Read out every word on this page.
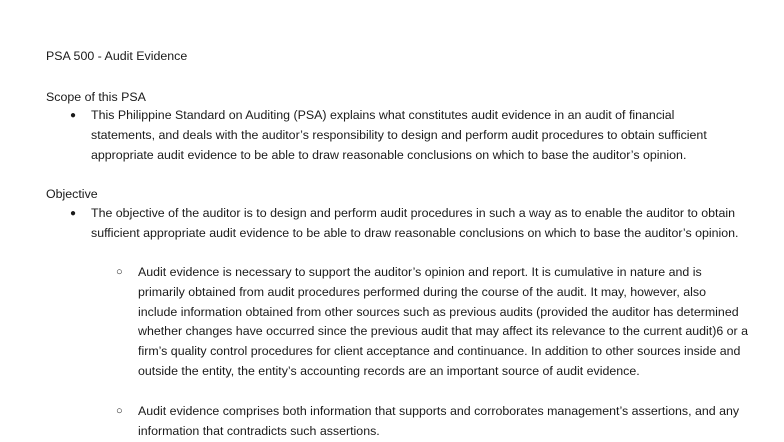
PSA 500 - Audit Evidence
Scope of this PSA
● This Philippine Standard on Auditing (PSA) explains what constitutes audit evidence in an audit of financial statements, and deals with the auditor’s responsibility to design and perform audit procedures to obtain sufficient appropriate audit evidence to be able to draw reasonable conclusions on which to base the auditor’s opinion.
Objective
● The objective of the auditor is to design and perform audit procedures in such a way as to enable the auditor to obtain sufficient appropriate audit evidence to be able to draw reasonable conclusions on which to base the auditor’s opinion.
○ Audit evidence is necessary to support the auditor’s opinion and report. It is cumulative in nature and is primarily obtained from audit procedures performed during the course of the audit. It may, however, also include information obtained from other sources such as previous audits (provided the auditor has determined whether changes have occurred since the previous audit that may affect its relevance to the current audit)6 or a firm’s quality control procedures for client acceptance and continuance. In addition to other sources inside and outside the entity, the entity’s accounting records are an important source of audit evidence.
○ Audit evidence comprises both information that supports and corroborates management’s assertions, and any information that contradicts such assertions.
